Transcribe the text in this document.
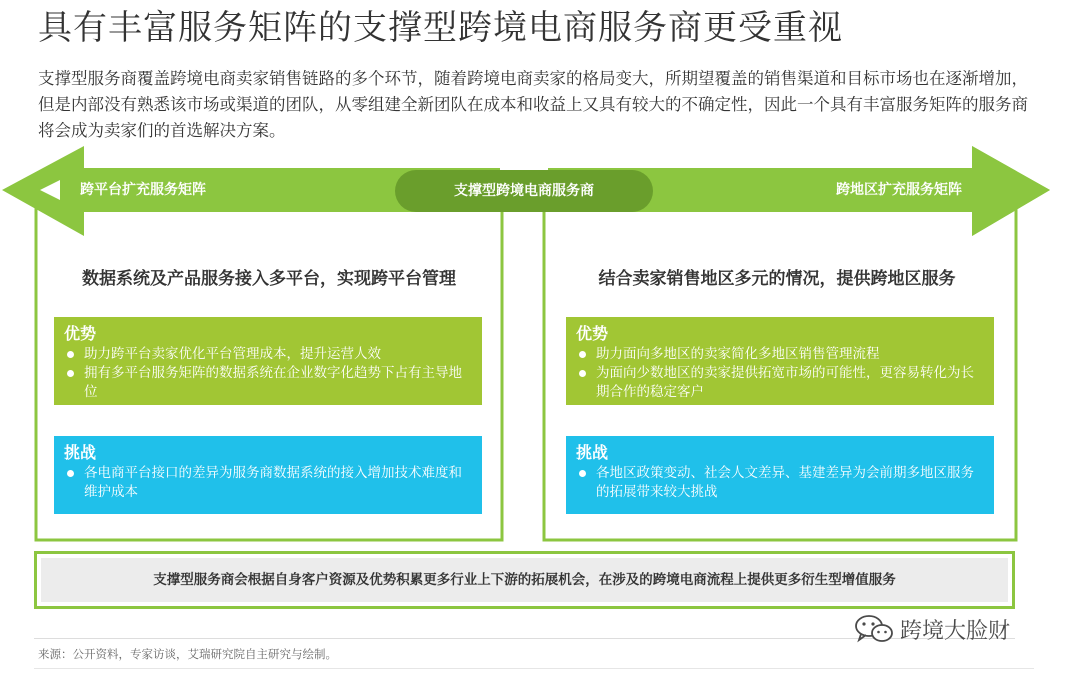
具有丰富服务矩阵的支撑型跨境电商服务商更受重视

支撑型服务商覆盖跨境电商卖家销售链路的多个环节，随着跨境电商卖家的格局变大，所期望覆盖的销售渠道和目标市场也在逐渐增加，但是内部没有熟悉该市场或渠道的团队，从零组建全新团队在成本和收益上又具有较大的不确定性，因此一个具有丰富服务矩阵的服务商将会成为卖家们的首选解决方案。

跨平台扩充服务矩阵	支撑型跨境电商服务商	跨地区扩充服务矩阵
数据系统及产品服务接入多平台，实现跨平台管理	结合卖家销售地区多元的情况，提供跨地区服务
优势
助力跨平台卖家优化平台管理成本，提升运营人效
拥有多平台服务矩阵的数据系统在企业数字化趋势下占有主导地位
挑战
各电商平台接口的差异为服务商数据系统的接入增加技术难度和维护成本
优势
助力面向多地区的卖家简化多地区销售管理流程
为面向少数地区的卖家提供拓宽市场的可能性，更容易转化为长期合作的稳定客户
挑战
各地区政策变动、社会人文差异、基建差异为会前期多地区服务的拓展带来较大挑战
支撑型服务商会根据自身客户资源及优势积累更多行业上下游的拓展机会，在涉及的跨境电商流程上提供更多衍生型增值服务
来源：公开资料，专家访谈，艾瑞研究院自主研究与绘制。
跨境大脸财
